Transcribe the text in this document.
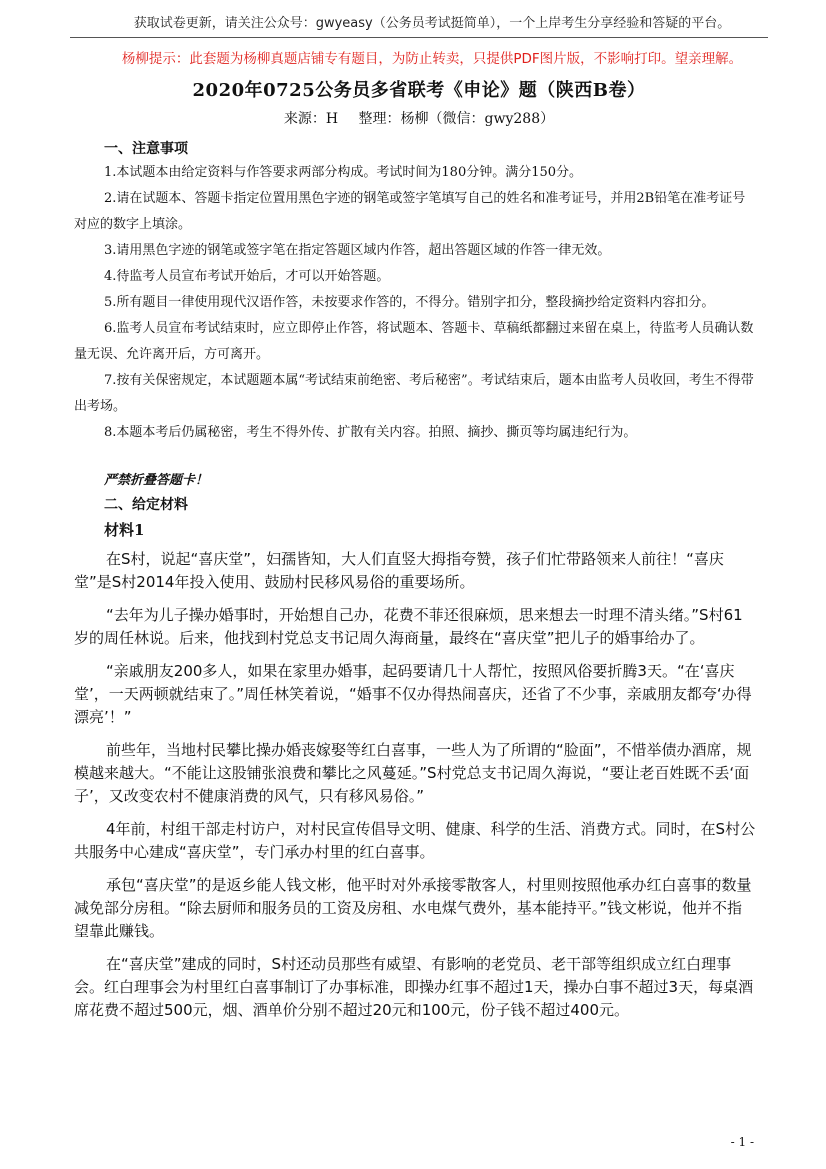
获取试卷更新，请关注公众号：gwyeasy（公务员考试挺简单），一个上岸考生分享经验和答疑的平台。
杨柳提示：此套题为杨柳真题店铺专有题目，为防止转卖，只提供PDF图片版，不影响打印。望亲理解。
2020年0725公务员多省联考《申论》题（陕西B卷）
来源：H 整理：杨柳（微信：gwy288）
一、注意事项

1.本试题本由给定资料与作答要求两部分构成。考试时间为180分钟。满分150分。

2.请在试题本、答题卡指定位置用黑色字迹的钢笔或签字笔填写自己的姓名和准考证号，并用2B铅笔在准考证号对应的数字上填涂。

3.请用黑色字迹的钢笔或签字笔在指定答题区域内作答，超出答题区域的作答一律无效。

4.待监考人员宣布考试开始后，才可以开始答题。

5.所有题目一律使用现代汉语作答，未按要求作答的，不得分。错别字扣分，整段摘抄给定资料内容扣分。

6.监考人员宣布考试结束时，应立即停止作答，将试题本、答题卡、草稿纸都翻过来留在桌上，待监考人员确认数量无误、允许离开后，方可离开。

7.按有关保密规定，本试题题本属“考试结束前绝密、考后秘密”。考试结束后，题本由监考人员收回，考生不得带出考场。

8.本题本考后仍属秘密，考生不得外传、扩散有关内容。拍照、摘抄、撕页等均属违纪行为。

严禁折叠答题卡！
二、给定材料
材料1

在S村，说起“喜庆堂”，妇孺皆知，大人们直竖大拇指夸赞，孩子们忙带路领来人前往！“喜庆堂”是S村2014年投入使用、鼓励村民移风易俗的重要场所。

“去年为儿子操办婚事时，开始想自己办，花费不菲还很麻烦，思来想去一时理不清头绪。”S村61岁的周任林说。后来，他找到村党总支书记周久海商量，最终在“喜庆堂”把儿子的婚事给办了。

“亲戚朋友200多人，如果在家里办婚事，起码要请几十人帮忙，按照风俗要折腾3天。“在‘喜庆堂’，一天两顿就结束了。”周任林笑着说，“婚事不仅办得热闹喜庆，还省了不少事，亲戚朋友都夸‘办得漂亮’！”

前些年，当地村民攀比操办婚丧嫁娶等红白喜事，一些人为了所谓的“脸面”，不惜举债办酒席，规模越来越大。“不能让这股铺张浪费和攀比之风蔓延。”S村党总支书记周久海说，“要让老百姓既不丢‘面子’，又改变农村不健康消费的风气，只有移风易俗。”

4年前，村组干部走村访户，对村民宣传倡导文明、健康、科学的生活、消费方式。同时，在S村公共服务中心建成“喜庆堂”，专门承办村里的红白喜事。

承包“喜庆堂”的是返乡能人钱文彬，他平时对外承接零散客人，村里则按照他承办红白喜事的数量减免部分房租。“除去厨师和服务员的工资及房租、水电煤气费外，基本能持平。”钱文彬说，他并不指望靠此赚钱。

在“喜庆堂”建成的同时，S村还动员那些有威望、有影响的老党员、老干部等组织成立红白理事会。红白理事会为村里红白喜事制订了办事标准，即操办红事不超过1天，操办白事不超过3天，每桌酒席花费不超过500元，烟、酒单价分别不超过20元和100元，份子钱不超过400元。

- 1 -
